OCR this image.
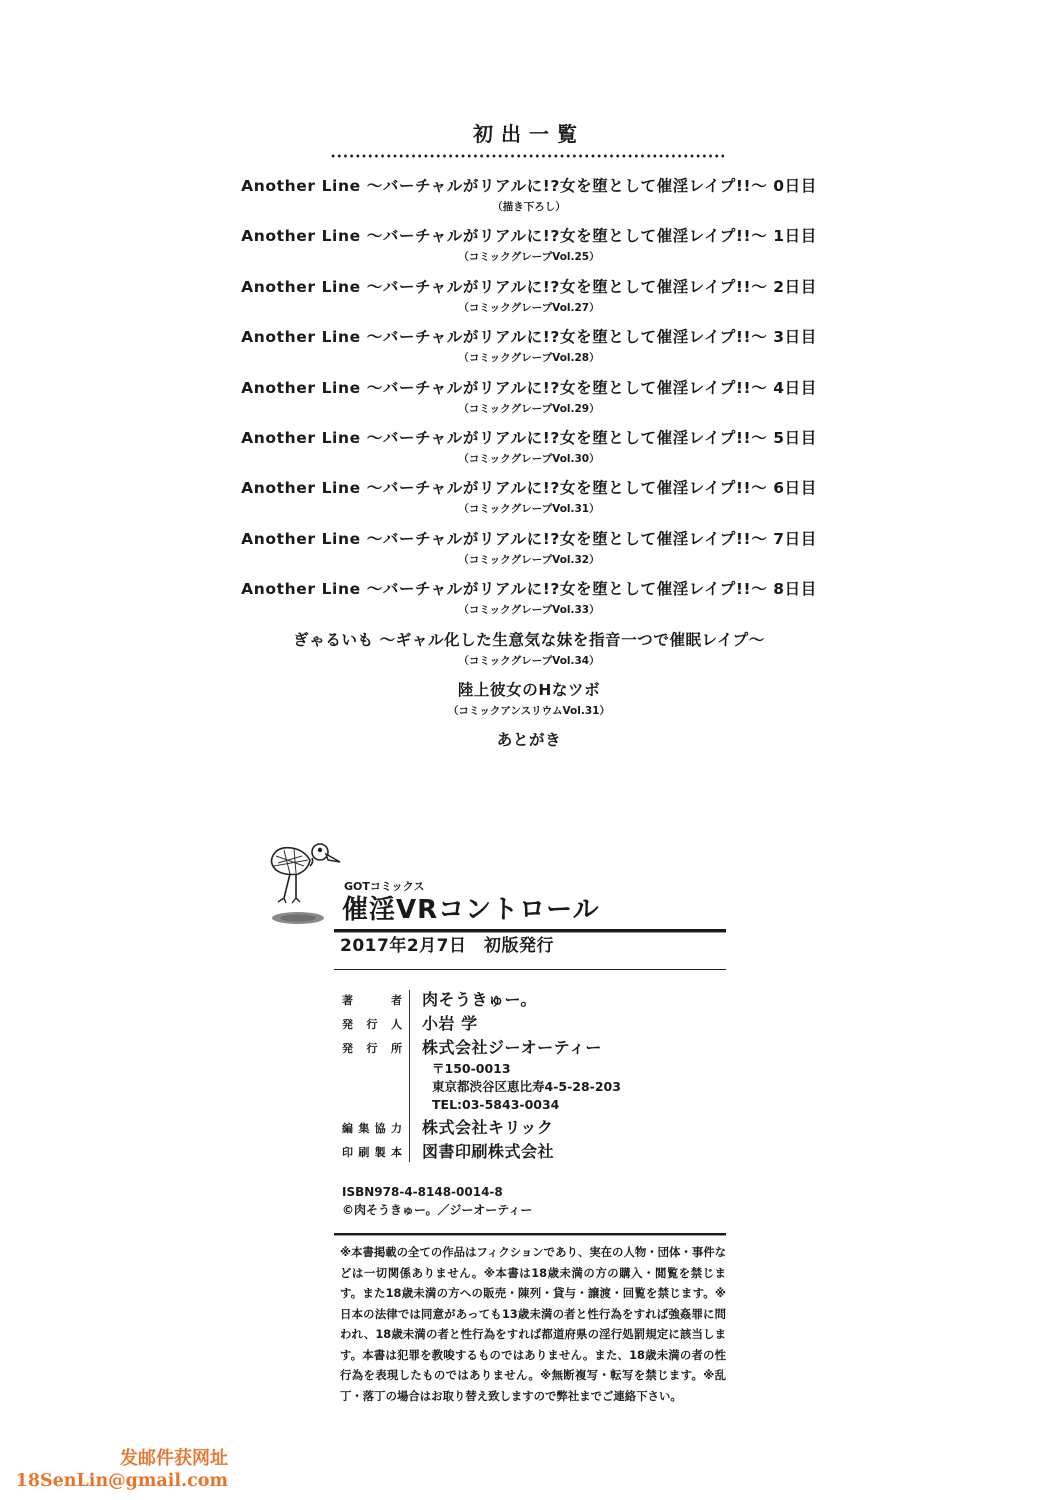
初出一覧
Another Line ～バーチャルがリアルに!?女を堕として催淫レイプ!!～ 0日目
（描き下ろし）
Another Line ～バーチャルがリアルに!?女を堕として催淫レイプ!!～ 1日目
（コミックグレープVol.25）
Another Line ～バーチャルがリアルに!?女を堕として催淫レイプ!!～ 2日目
（コミックグレープVol.27）
Another Line ～バーチャルがリアルに!?女を堕として催淫レイプ!!～ 3日目
（コミックグレープVol.28）
Another Line ～バーチャルがリアルに!?女を堕として催淫レイプ!!～ 4日目
（コミックグレープVol.29）
Another Line ～バーチャルがリアルに!?女を堕として催淫レイプ!!～ 5日目
（コミックグレープVol.30）
Another Line ～バーチャルがリアルに!?女を堕として催淫レイプ!!～ 6日目
（コミックグレープVol.31）
Another Line ～バーチャルがリアルに!?女を堕として催淫レイプ!!～ 7日目
（コミックグレープVol.32）
Another Line ～バーチャルがリアルに!?女を堕として催淫レイプ!!～ 8日目
（コミックグレープVol.33）
ぎゃるいも ～ギャル化した生意気な妹を指音一つで催眠レイプ～
（コミックグレープVol.34）
陸上彼女のHなツボ
（コミックアンスリウムVol.31）
あとがき
GOTコミックス
催淫VRコントロール
2017年2月7日　初版発行
著者	肉そうきゅー。
発行人	小岩 学
発行所	株式会社ジーオーティー
〒150-0013
東京都渋谷区恵比寿4-5-28-203
TEL:03-5843-0034
編集協力	株式会社キリック
印刷製本	図書印刷株式会社
ISBN978-4-8148-0014-8
©肉そうきゅー。／ジーオーティー
※本書掲載の全ての作品はフィクションであり、実在の人物・団体・事件などは一切関係ありません。※本書は18歳未満の方の購入・閲覧を禁じます。また18歳未満の方への販売・陳列・貸与・譲渡・回覧を禁じます。※日本の法律では同意があっても13歳未満の者と性行為をすれば強姦罪に問われ、18歳未満の者と性行為をすれば都道府県の淫行処罰規定に該当します。本書は犯罪を教唆するものではありません。また、18歳未満の者の性行為を表現したものではありません。※無断複写・転写を禁じます。※乱丁・落丁の場合はお取り替え致しますので弊社までご連絡下さい。
发邮件获网址
18SenLin@gmail.com
